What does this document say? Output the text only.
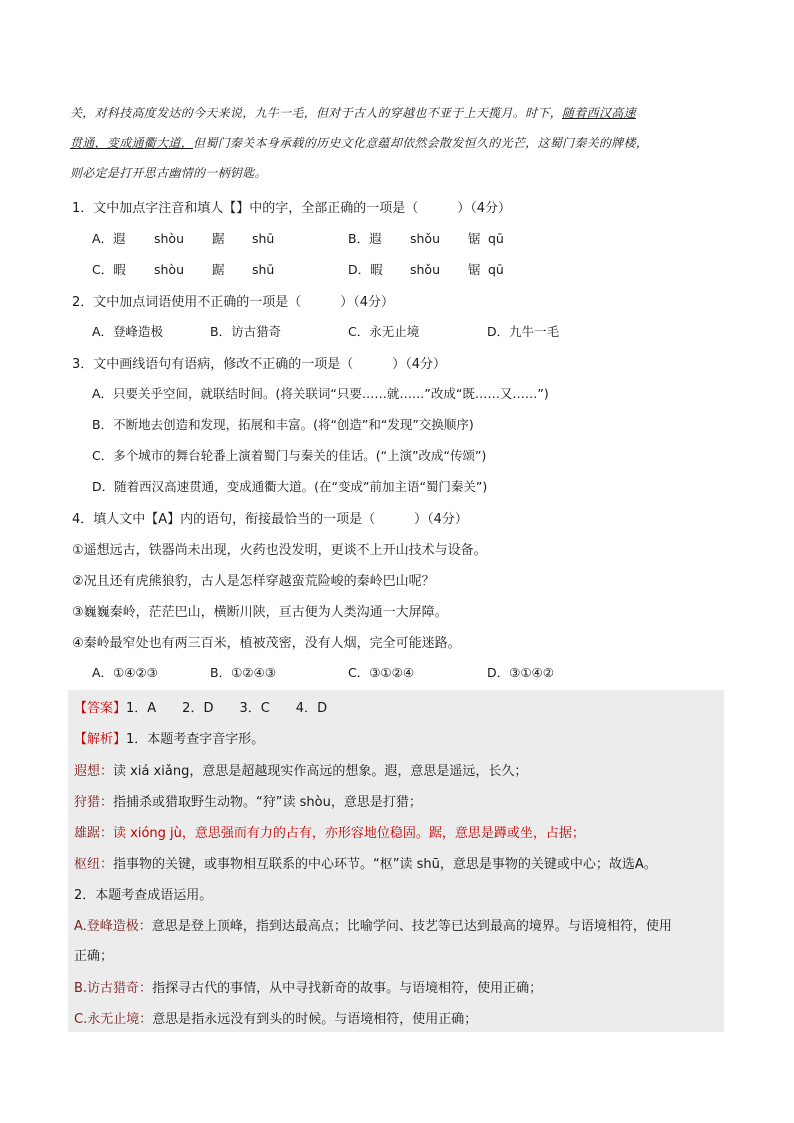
关，对科技高度发达的今天来说，九牛一毛，但对于古人的穿越也不亚于上天揽月。时下，随着西汉高速
贯通，变成通衢大道，但蜀门秦关本身承载的历史文化意蕴却依然会散发恒久的光芒，这蜀门秦关的牌楼，
则必定是打开思古幽情的一柄钥匙。
1．文中加点字注音和填人【】中的字，全部正确的一项是（　　　）（4分）
A．遐 shòu 踞 shū	B．遐 shǒu 锯 qū
C．暇 shòu 踞 shū	D．暇 shǒu 锯 qū
2．文中加点词语使用不正确的一项是（　　　）（4分）
A．登峰造极	B．访古猎奇	C．永无止境	D．九牛一毛
3．文中画线语句有语病，修改不正确的一项是（　　　）（4分）
A．只要关乎空间，就联结时间。(将关联词“只要……就……”改成“既……又……”)
B．不断地去创造和发现，拓展和丰富。(将“创造”和“发现”交换顺序)
C．多个城市的舞台轮番上演着蜀门与秦关的佳话。(“上演”改成“传颂”)
D．随着西汉高速贯通，变成通衢大道。(在“变成”前加主语“蜀门秦关”)
4．填人文中【A】内的语句，衔接最恰当的一项是（　　　）（4分）
①遥想远古，铁器尚未出现，火药也没发明，更谈不上开山技术与设备。
②况且还有虎熊狼豹，古人是怎样穿越蛮荒险峻的秦岭巴山呢？
③巍巍秦岭，茫茫巴山，横断川陕，亘古便为人类沟通一大屏障。
④秦岭最窄处也有两三百米，植被茂密，没有人烟，完全可能迷路。
A．①④②③	B．①②④③	C．③①②④	D．③①④②
【答案】1．A　　2．D　　3．C　　4．D
【解析】1．本题考查字音字形。
遐想：读 xiá xiǎng，意思是超越现实作高远的想象。遐，意思是遥远，长久；
狩猎：指捕杀或猎取野生动物。“狩”读 shòu，意思是打猎；
雄踞：读 xióng jù，意思强而有力的占有，亦形容地位稳固。踞，意思是蹲或坐，占据；
枢纽：指事物的关键，或事物相互联系的中心环节。“枢”读 shū，意思是事物的关键或中心；故选A。
2．本题考查成语运用。
A.登峰造极：意思是登上顶峰，指到达最高点；比喻学问、技艺等已达到最高的境界。与语境相符，使用
正确；
B.访古猎奇：指探寻古代的事情，从中寻找新奇的故事。与语境相符，使用正确；
C.永无止境：意思是指永远没有到头的时候。与语境相符，使用正确；
